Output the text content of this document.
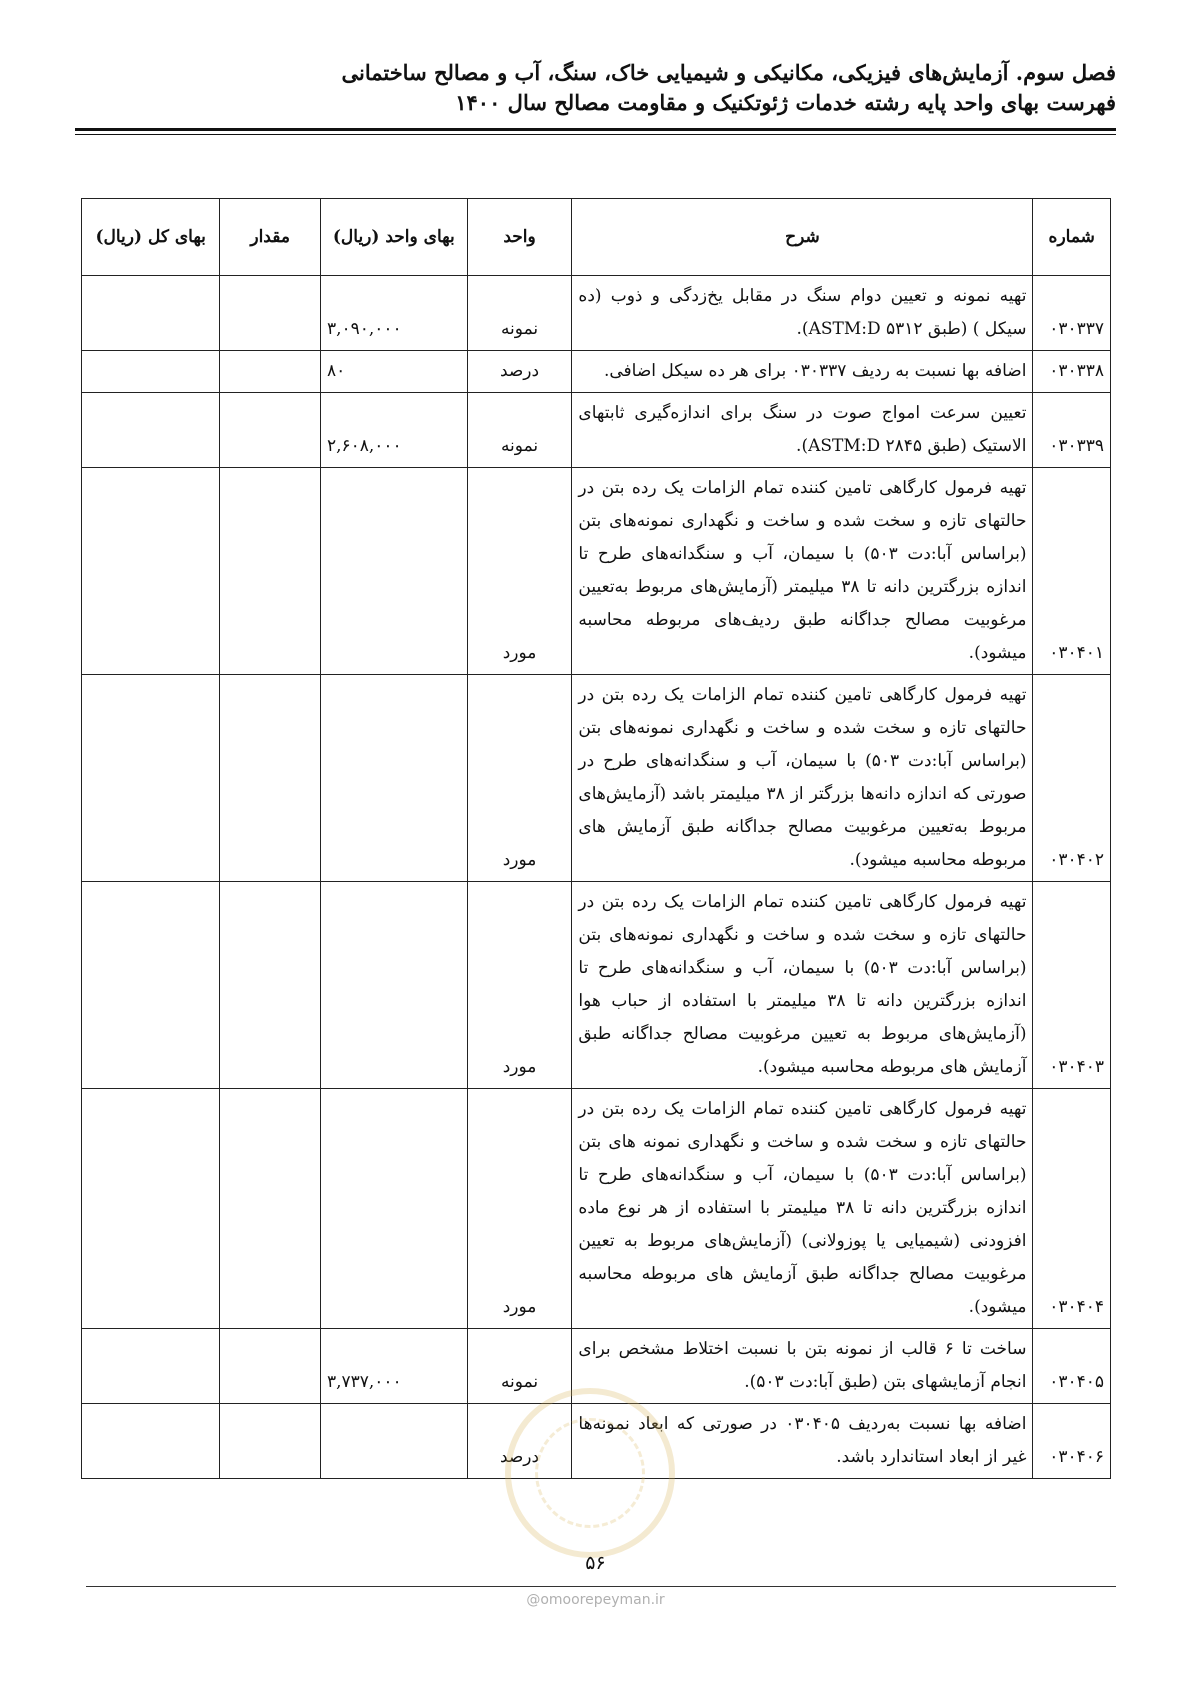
فصل سوم. آزمایش‌های فیزیکی، مکانیکی و شیمیایی خاک، سنگ، آب و مصالح ساختمانی
فهرست بهای واحد پایه رشته خدمات ژئوتکنیک و مقاومت مصالح سال ۱۴۰۰
شماره	شرح	واحد	بهای واحد (ریال)	مقدار	بهای کل (ریال)
۰۳۰۳۳۷	تهیه نمونه و تعیین دوام سنگ در مقابل یخ‌زدگی و ذوب (ده سیکل ) (طبق ASTM:D ۵۳۱۲).	نمونه	۳,۰۹۰,۰۰۰		
۰۳۰۳۳۸	اضافه بها نسبت به ردیف ۰۳۰۳۳۷ برای هر ده سیکل اضافی.	درصد	۸۰		
۰۳۰۳۳۹	تعیین سرعت امواج صوت در سنگ برای اندازه‌گیری ثابتهای الاستیک (طبق ASTM:D ۲۸۴۵).	نمونه	۲,۶۰۸,۰۰۰		
۰۳۰۴۰۱	تهیه فرمول کارگاهی تامین کننده تمام الزامات یک رده بتن در حالتهای تازه و سخت شده و ساخت و نگهداری نمونه‌های بتن (براساس آبا:دت ۵۰۳) با سیمان، آب و سنگدانه‌های طرح تا اندازه بزرگترین دانه تا ۳۸ میلیمتر (آزمایش‌های مربوط به‌تعیین مرغوبیت مصالح جداگانه طبق ردیف‌های مربوطه محاسبه میشود).	مورد			
۰۳۰۴۰۲	تهیه فرمول کارگاهی تامین کننده تمام الزامات یک رده بتن در حالتهای تازه و سخت شده و ساخت و نگهداری نمونه‌های بتن (براساس آبا:دت ۵۰۳) با سیمان، آب و سنگدانه‌های طرح در صورتی که اندازه دانه‌ها بزرگتر از ۳۸ میلیمتر باشد (آزمایش‌های مربوط به‌تعیین مرغوبیت مصالح جداگانه طبق آزمایش های مربوطه محاسبه میشود).	مورد			
۰۳۰۴۰۳	تهیه فرمول کارگاهی تامین کننده تمام الزامات یک رده بتن در حالتهای تازه و سخت شده و ساخت و نگهداری نمونه‌های بتن (براساس آبا:دت ۵۰۳) با سیمان، آب و سنگدانه‌های طرح تا اندازه بزرگترین دانه تا ۳۸ میلیمتر با استفاده از حباب هوا (آزمایش‌های مربوط به تعیین مرغوبیت مصالح جداگانه طبق آزمایش های مربوطه محاسبه میشود).	مورد			
۰۳۰۴۰۴	تهیه فرمول کارگاهی تامین کننده تمام الزامات یک رده بتن در حالتهای تازه و سخت شده و ساخت و نگهداری نمونه های بتن (براساس آبا:دت ۵۰۳) با سیمان، آب و سنگدانه‌های طرح تا اندازه بزرگترین دانه تا ۳۸ میلیمتر با استفاده از هر نوع ماده افزودنی (شیمیایی یا پوزولانی) (آزمایش‌های مربوط به تعیین مرغوبیت مصالح جداگانه طبق آزمایش های مربوطه محاسبه میشود).	مورد			
۰۳۰۴۰۵	ساخت تا ۶ قالب از نمونه بتن با نسبت اختلاط مشخص برای انجام آزمایشهای بتن (طبق آبا:دت ۵۰۳).	نمونه	۳,۷۳۷,۰۰۰		
۰۳۰۴۰۶	اضافه بها نسبت به‌ردیف ۰۳۰۴۰۵ در صورتی که ابعاد نمونه‌ها غیر از ابعاد استاندارد باشد.	درصد			
۵۶
@omoorepeyman.ir
